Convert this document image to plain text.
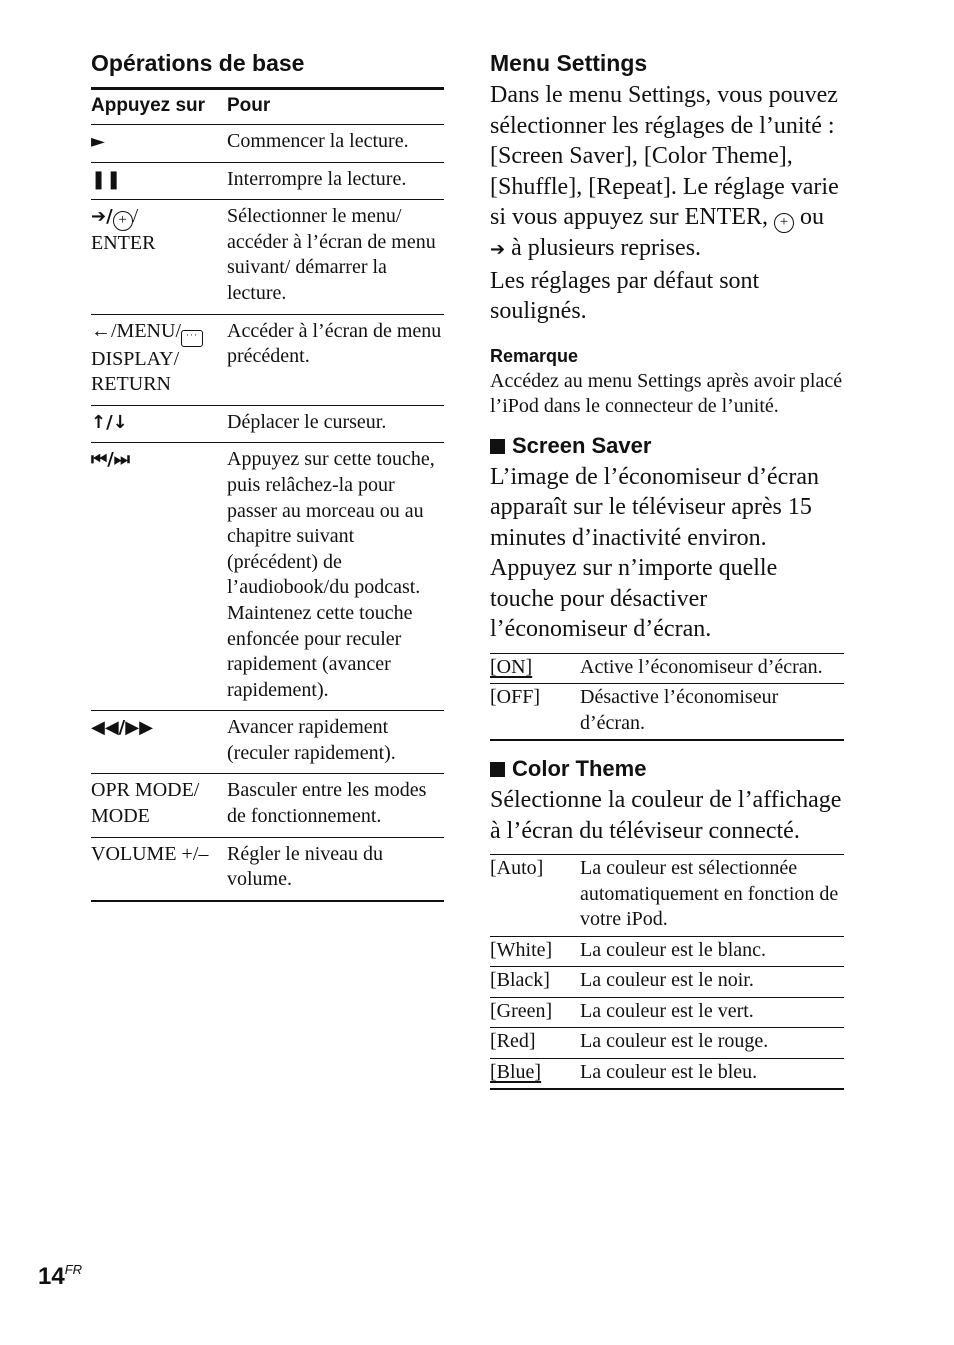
Opérations de base
Appuyez sur	Pour
►	Commencer la lecture.
❚❚	Interrompre la lecture.
➔/ + /
ENTER	Sélectionner le menu/ accéder à l’écran de menu suivant/ démarrer la lecture.
←/MENU/ ···
DISPLAY/ RETURN	Accéder à l’écran de menu précédent.
↑/↓	Déplacer le curseur.
⏮/⏭	Appuyez sur cette touche, puis relâchez-la pour passer au morceau ou au chapitre suivant (précédent) de l’audiobook/du podcast.
Maintenez cette touche enfoncée pour reculer rapidement (avancer rapidement).
◀◀/▶▶	Avancer rapidement (reculer rapidement).
OPR MODE/ MODE	Basculer entre les modes de fonctionnement.
VOLUME +/–	Régler le niveau du volume.
Menu Settings

Dans le menu Settings, vous pouvez sélectionner les réglages de l’unité : [Screen Saver], [Color Theme], [Shuffle], [Repeat]. Le réglage varie si vous appuyez sur ENTER, + ou ➔ à plusieurs reprises.

Les réglages par défaut sont soulignés.

Remarque

Accédez au menu Settings après avoir placé l’iPod dans le connecteur de l’unité.

Screen Saver

L’image de l’économiseur d’écran apparaît sur le téléviseur après 15 minutes d’inactivité environ. Appuyez sur n’importe quelle touche pour désactiver l’économiseur d’écran.

[ON]	Active l’économiseur d’écran.
[OFF]	Désactive l’économiseur d’écran.
Color Theme

Sélectionne la couleur de l’affichage à l’écran du téléviseur connecté.

[Auto]	La couleur est sélectionnée automatiquement en fonction de votre iPod.
[White]	La couleur est le blanc.
[Black]	La couleur est le noir.
[Green]	La couleur est le vert.
[Red]	La couleur est le rouge.
[Blue]	La couleur est le bleu.
$14^{FR}$
